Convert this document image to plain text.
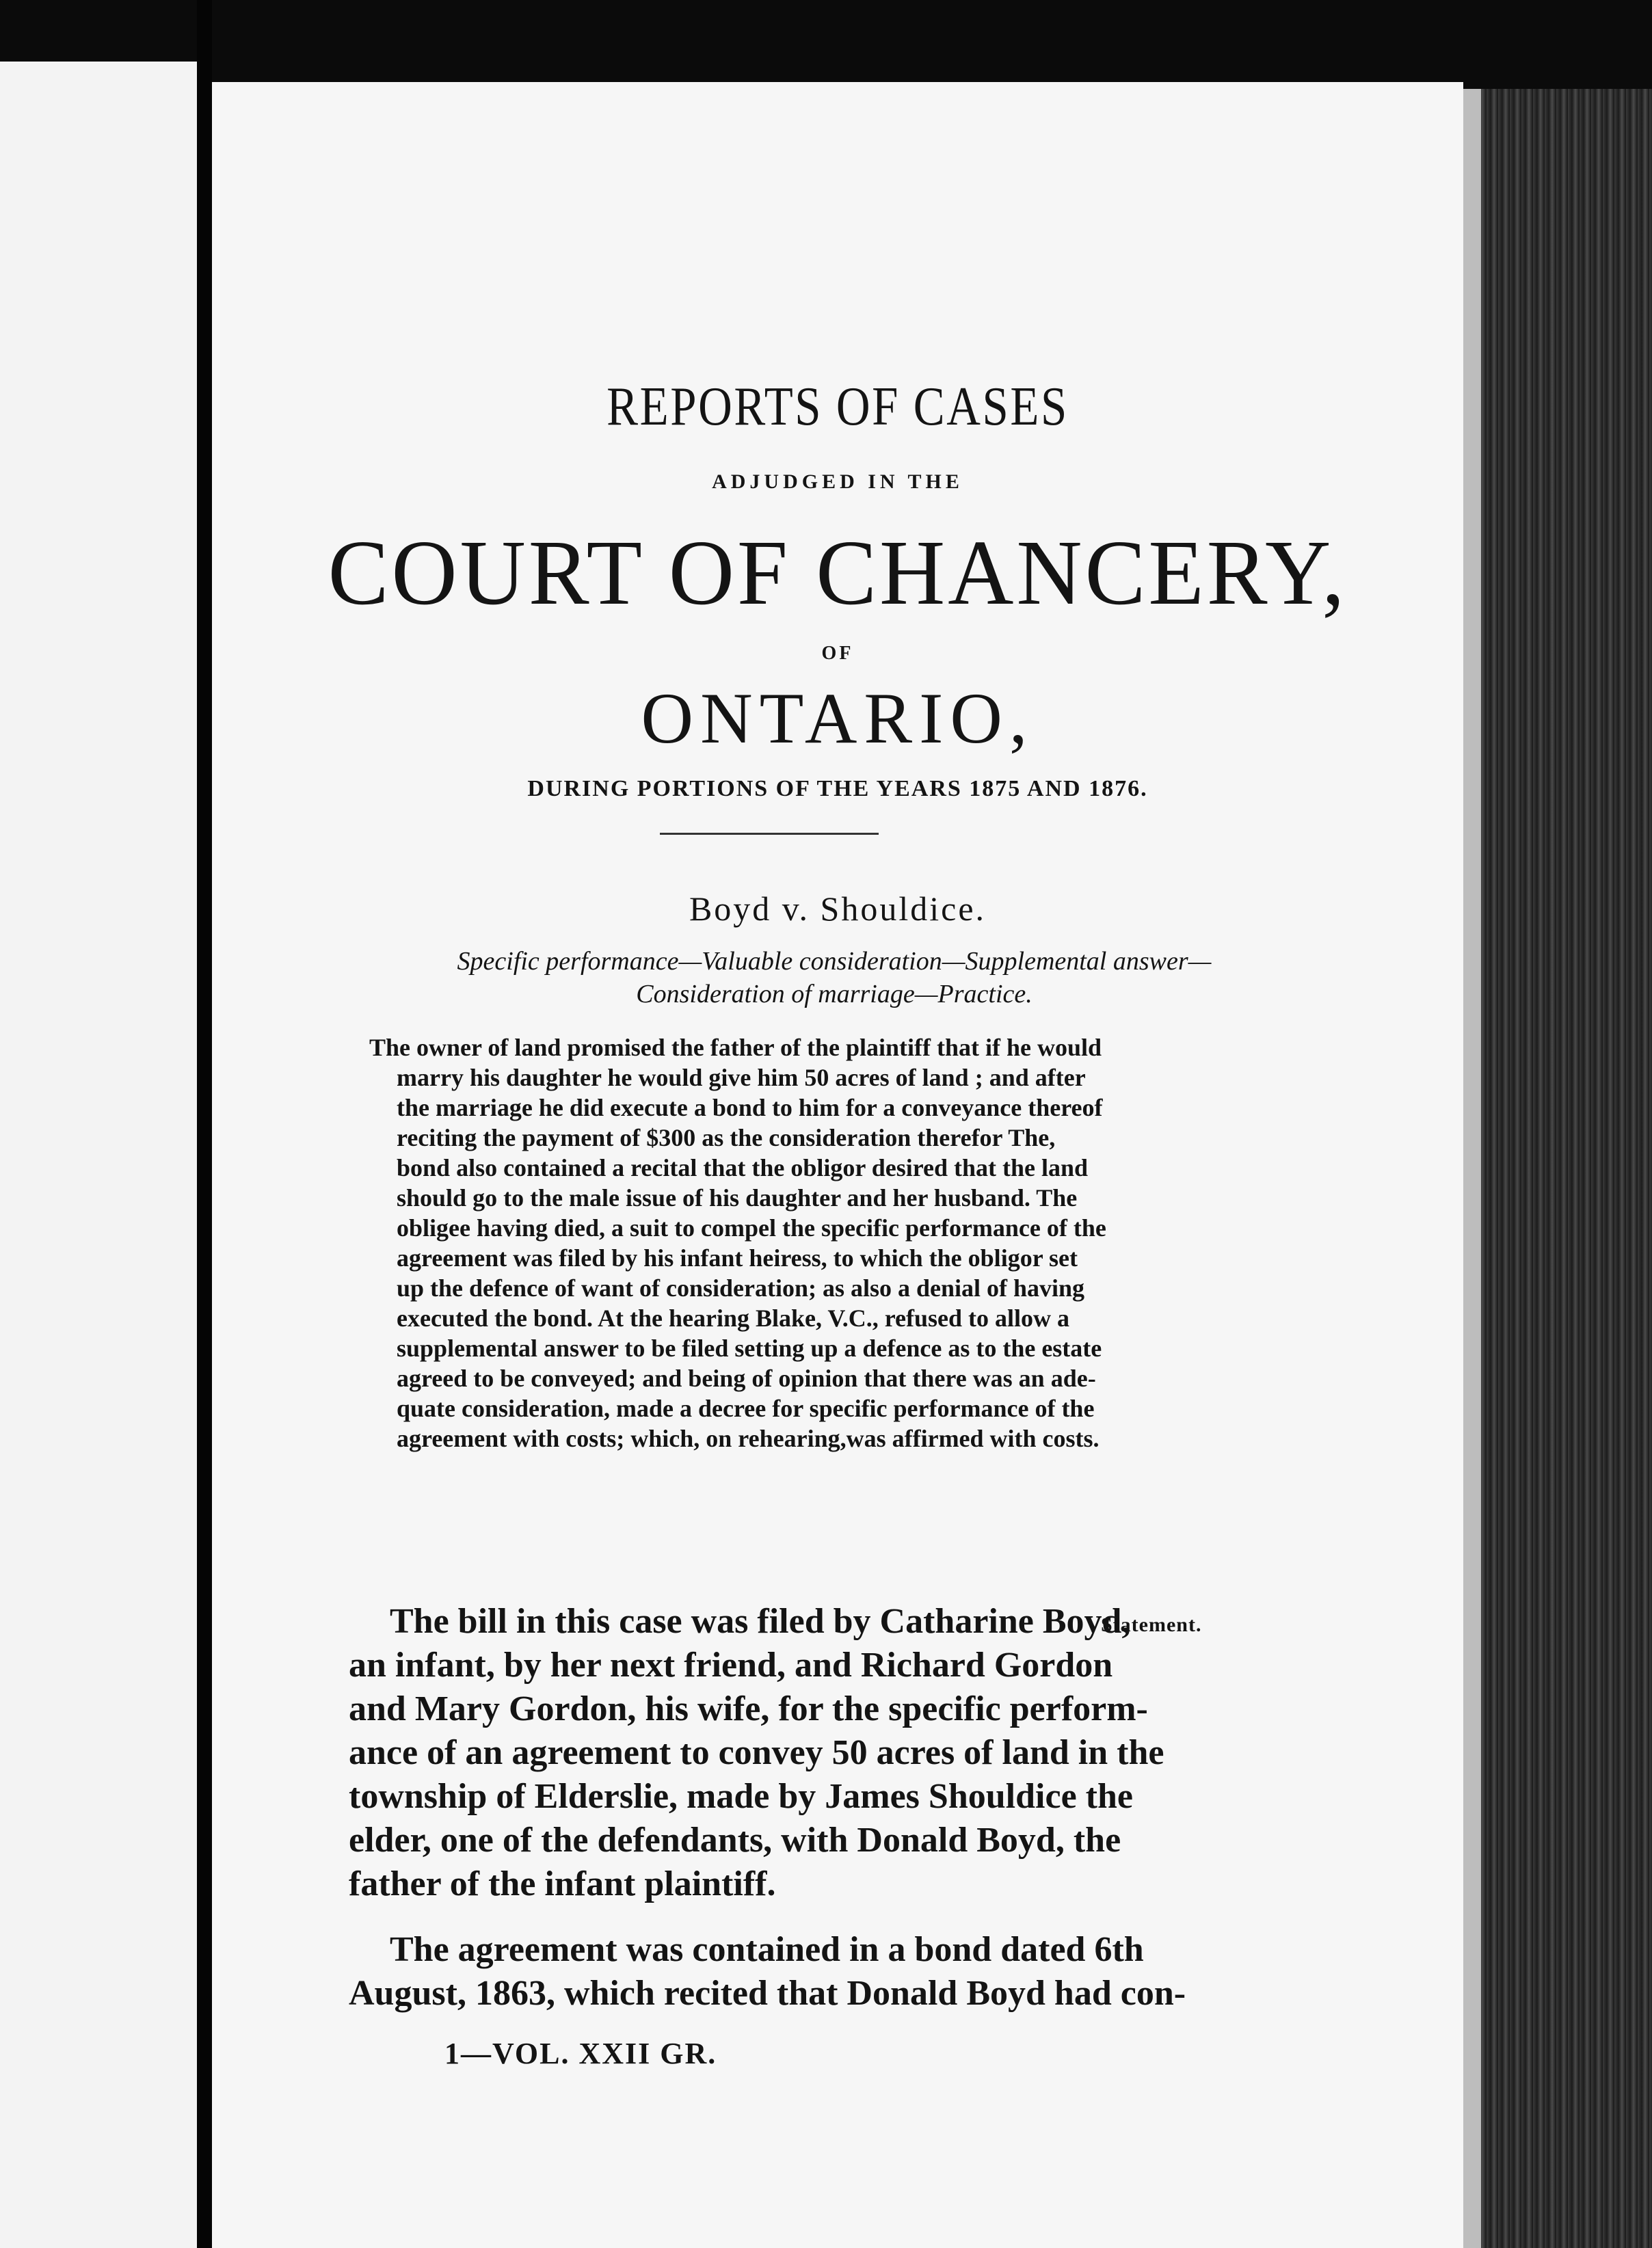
REPORTS OF CASES
ADJUDGED IN THE
COURT OF CHANCERY,
OF
ONTARIO,
DURING PORTIONS OF THE YEARS 1875 AND 1876.
Boyd v. Shouldice.
Specific performance—Valuable consideration—Supplemental answer—
Consideration of marriage—Practice.
The owner of land promised the father of the plaintiff that if he would
marry his daughter he would give him 50 acres of land ; and after
the marriage he did execute a bond to him for a conveyance thereof
reciting the payment of $300 as the consideration therefor The,
bond also contained a recital that the obligor desired that the land
should go to the male issue of his daughter and her husband. The
obligee having died, a suit to compel the specific performance of the
agreement was filed by his infant heiress, to which the obligor set
up the defence of want of consideration; as also a denial of having
executed the bond. At the hearing Blake, V.C., refused to allow a
supplemental answer to be filed setting up a defence as to the estate
agreed to be conveyed; and being of opinion that there was an ade-
quate consideration, made a decree for specific performance of the
agreement with costs; which, on rehearing,was affirmed with costs.
The bill in this case was filed by Catharine Boyd,
an infant, by her next friend, and Richard Gordon
and Mary Gordon, his wife, for the specific perform-
ance of an agreement to convey 50 acres of land in the
township of Elderslie, made by James Shouldice the
elder, one of the defendants, with Donald Boyd, the
father of the infant plaintiff.
Statement.
The agreement was contained in a bond dated 6th
August, 1863, which recited that Donald Boyd had con-
1—VOL. XXII GR.
